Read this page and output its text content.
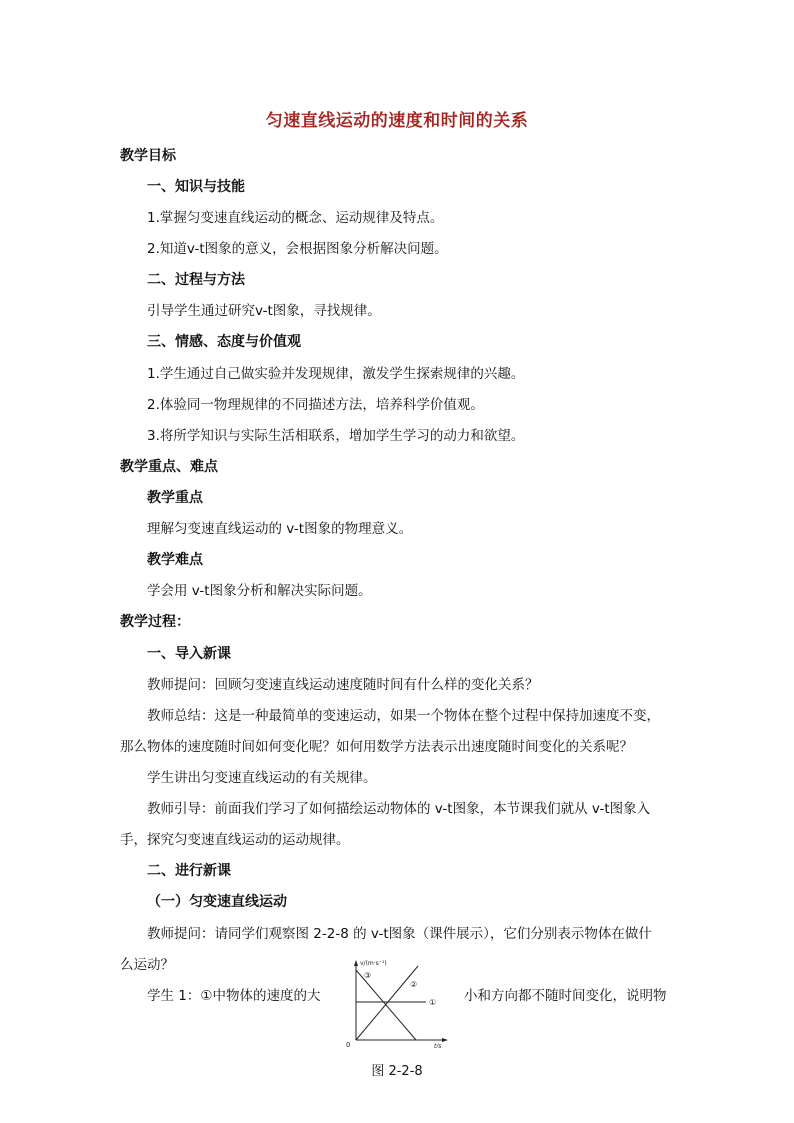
匀速直线运动的速度和时间的关系
教学目标
一、知识与技能
1.掌握匀变速直线运动的概念、运动规律及特点。
2.知道v-t图象的意义，会根据图象分析解决问题。
二、过程与方法
引导学生通过研究v-t图象，寻找规律。
三、情感、态度与价值观
1.学生通过自己做实验并发现规律，激发学生探索规律的兴趣。
2.体验同一物理规律的不同描述方法，培养科学价值观。
3.将所学知识与实际生活相联系，增加学生学习的动力和欲望。
教学重点、难点
教学重点
理解匀变速直线运动的 v-t图象的物理意义。
教学难点
学会用 v-t图象分析和解决实际问题。
教学过程：
一、导入新课
教师提问：回顾匀变速直线运动速度随时间有什么样的变化关系？
教师总结：这是一种最简单的变速运动，如果一个物体在整个过程中保持加速度不变，
那么物体的速度随时间如何变化呢？如何用数学方法表示出速度随时间变化的关系呢？
学生讲出匀变速直线运动的有关规律。
教师引导：前面我们学习了如何描绘运动物体的 v-t图象，本节课我们就从 v-t图象入
手，探究匀变速直线运动的运动规律。
二、进行新课
（一）匀变速直线运动
教师提问：请同学们观察图 2-2-8 的 v-t图象（课件展示），它们分别表示物体在做什
么运动？
学生 1：①中物体的速度的大	小和方向都不随时间变化，说明物
v/(m·s⁻¹)
t/s
0
①
②
③
图 2-2-8
